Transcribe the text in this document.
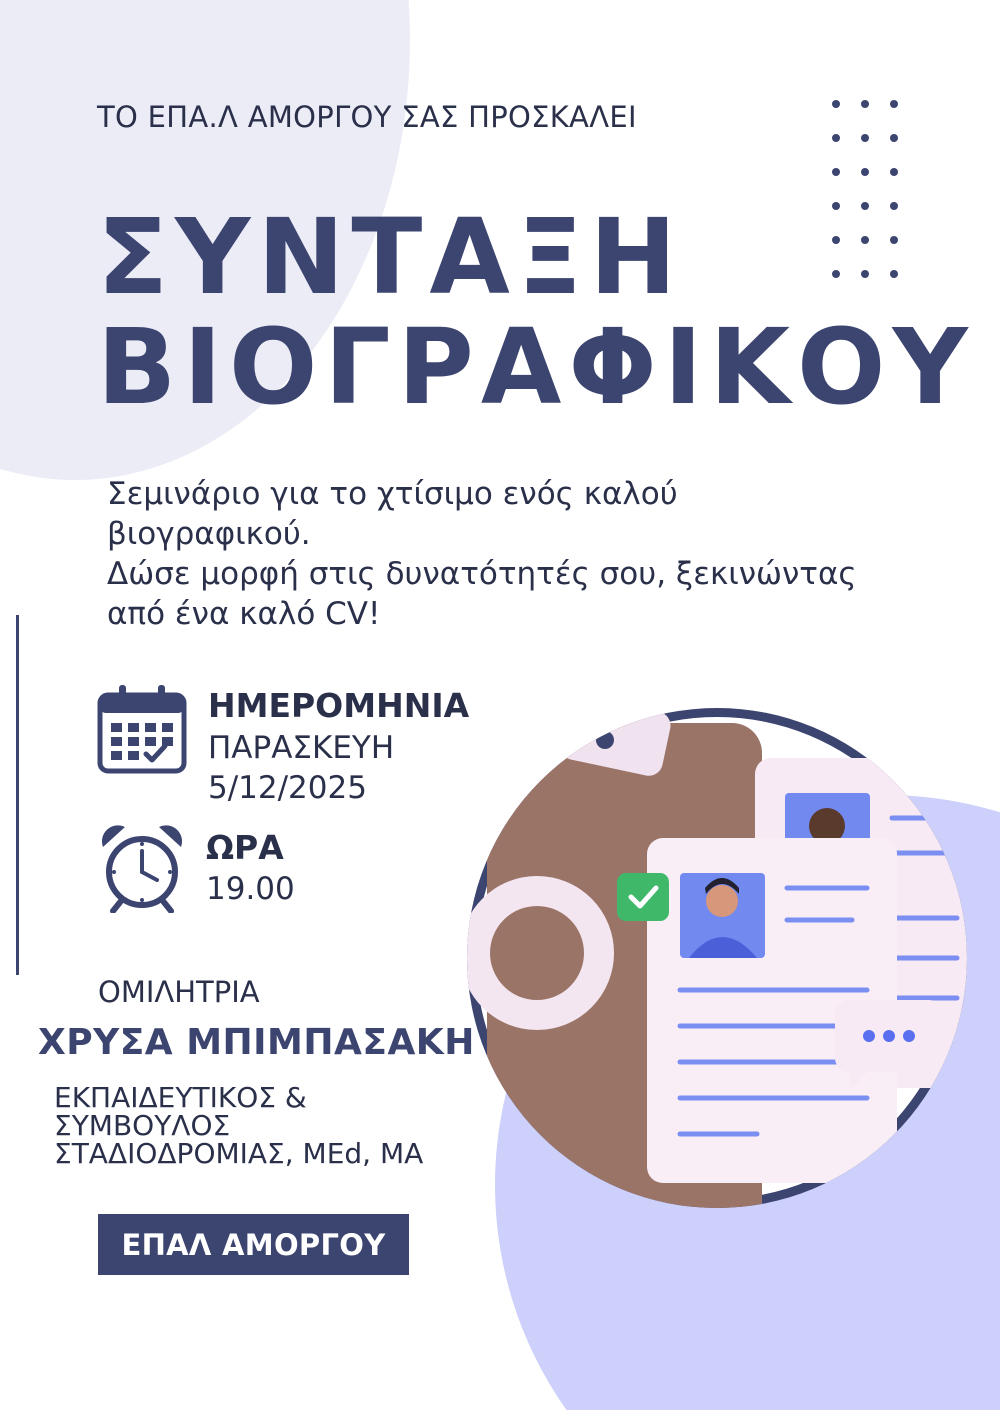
ΤΟ ΕΠΑ.Λ ΑΜΟΡΓΟΥ ΣΑΣ ΠΡΟΣΚΑΛΕΙ
ΣΥΝΤΑΞΗ
ΒΙΟΓΡΑΦΙΚΟΥ
Σεμινάριο για το χτίσιμο ενός καλού
βιογραφικού.
Δώσε μορφή στις δυνατότητές σου, ξεκινώντας
από ένα καλό CV!
ΗΜΕΡΟΜΗΝΙΑ
ΠΑΡΑΣΚΕΥΗ
5/12/2025
ΩΡΑ
19.00
ΟΜΙΛΗΤΡΙΑ
ΧΡΥΣΑ ΜΠΙΜΠΑΣΑΚΗ
ΕΚΠΑΙΔΕΥΤΙΚΟΣ &
ΣΥΜΒΟΥΛΟΣ
ΣΤΑΔΙΟΔΡΟΜΙΑΣ, MEd, MA
ΕΠΑΛ ΑΜΟΡΓΟΥ
